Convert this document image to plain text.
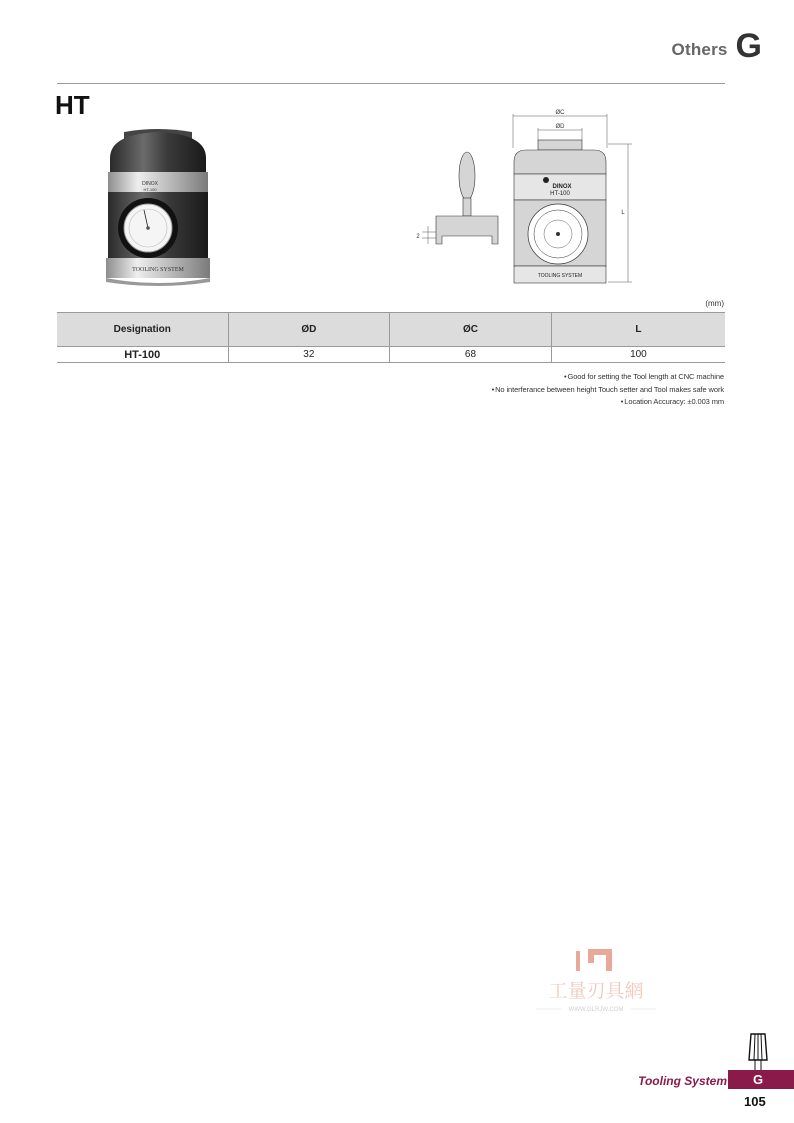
Others G
HT
DINOX
HT-100
TOOLING SYSTEM
ØC
ØD
L
DINOX
HT-100
TOOLING SYSTEM
2
(mm)
Designation	ØD	ØC	L
HT-100	32	68	100
• Good for setting the Tool length at CNC machine
• No interferance between height Touch setter and Tool makes safe work
• Location Accuracy: ±0.003 mm
工量刃具網
WWW.GLRJW.COM
Tooling System	G
105
